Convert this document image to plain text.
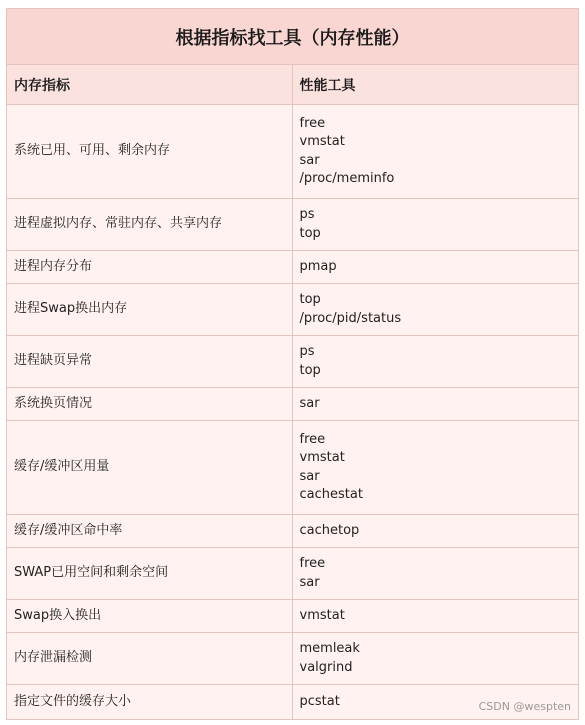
根据指标找工具（内存性能）	
内存指标	性能工具
系统已用、可用、剩余内存	free
vmstat
sar
/proc/meminfo

进程虚拟内存、常驻内存、共享内存	ps
top

进程内存分布	pmap

进程Swap换出内存	top
/proc/pid/status

进程缺页异常	ps
top

系统换页情况	sar

缓存/缓冲区用量	free
vmstat
sar
cachestat

缓存/缓冲区命中率	cachetop

SWAP已用空间和剩余空间	free
sar

Swap换入换出	vmstat

内存泄漏检测	memleak
valgrind

指定文件的缓存大小	pcstat	CSDN @wespten
